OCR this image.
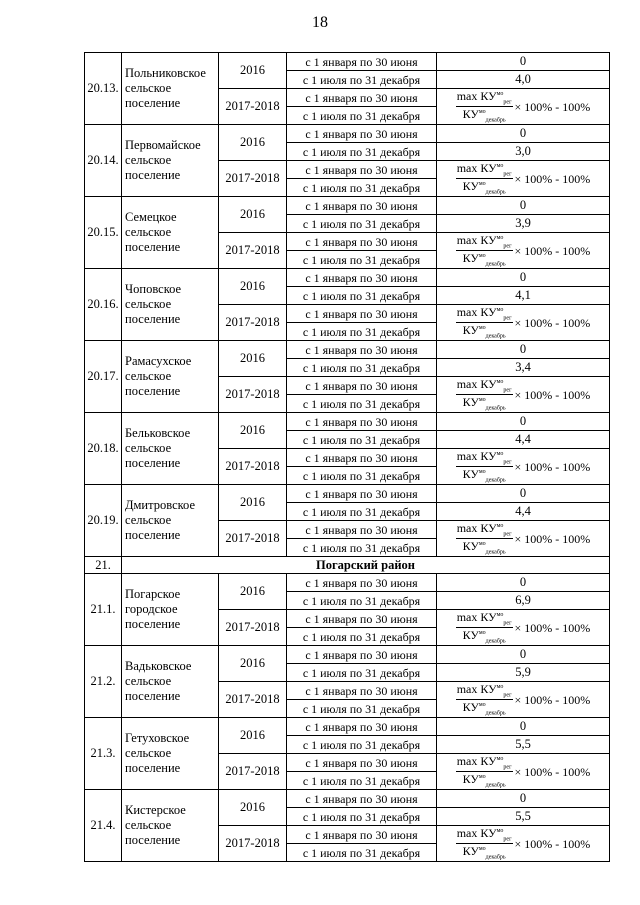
18
20.13.	Польниковское сельское поселение	2016	с 1 января по 30 июня	0
			с 1 июля по 31 декабря	4,0
		2017-2018	с 1 января по 30 июня	$\frac{\max КУ^{мо}_{рег}}{КУ^{мо}_{декабрь}} \times 100\% - 100\%$
			с 1 июля по 31 декабря	
20.14.	Первомайское сельское поселение	2016	с 1 января по 30 июня	0
			с 1 июля по 31 декабря	3,0
		2017-2018	с 1 января по 30 июня	$\frac{\max КУ^{мо}_{рег}}{КУ^{мо}_{декабрь}} \times 100\% - 100\%$
			с 1 июля по 31 декабря	
20.15.	Семецкое сельское поселение	2016	с 1 января по 30 июня	0
			с 1 июля по 31 декабря	3,9
		2017-2018	с 1 января по 30 июня	$\frac{\max КУ^{мо}_{рег}}{КУ^{мо}_{декабрь}} \times 100\% - 100\%$
			с 1 июля по 31 декабря	
20.16.	Чоповское сельское поселение	2016	с 1 января по 30 июня	0
			с 1 июля по 31 декабря	4,1
		2017-2018	с 1 января по 30 июня	$\frac{\max КУ^{мо}_{рег}}{КУ^{мо}_{декабрь}} \times 100\% - 100\%$
			с 1 июля по 31 декабря	
20.17.	Рамасухское сельское поселение	2016	с 1 января по 30 июня	0
			с 1 июля по 31 декабря	3,4
		2017-2018	с 1 января по 30 июня	$\frac{\max КУ^{мо}_{рег}}{КУ^{мо}_{декабрь}} \times 100\% - 100\%$
			с 1 июля по 31 декабря	
20.18.	Бельковское сельское поселение	2016	с 1 января по 30 июня	0
			с 1 июля по 31 декабря	4,4
		2017-2018	с 1 января по 30 июня	$\frac{\max КУ^{мо}_{рег}}{КУ^{мо}_{декабрь}} \times 100\% - 100\%$
			с 1 июля по 31 декабря	
20.19.	Дмитровское сельское поселение	2016	с 1 января по 30 июня	0
			с 1 июля по 31 декабря	4,4
		2017-2018	с 1 января по 30 июня	$\frac{\max КУ^{мо}_{рег}}{КУ^{мо}_{декабрь}} \times 100\% - 100\%$
			с 1 июля по 31 декабря	
21.	Погарский район			
21.1.	Погарское городское поселение	2016	с 1 января по 30 июня	0
			с 1 июля по 31 декабря	6,9
		2017-2018	с 1 января по 30 июня	$\frac{\max КУ^{мо}_{рег}}{КУ^{мо}_{декабрь}} \times 100\% - 100\%$
			с 1 июля по 31 декабря	
21.2.	Вадьковское сельское поселение	2016	с 1 января по 30 июня	0
			с 1 июля по 31 декабря	5,9
		2017-2018	с 1 января по 30 июня	$\frac{\max КУ^{мо}_{рег}}{КУ^{мо}_{декабрь}} \times 100\% - 100\%$
			с 1 июля по 31 декабря	
21.3.	Гетуховское сельское поселение	2016	с 1 января по 30 июня	0
			с 1 июля по 31 декабря	5,5
		2017-2018	с 1 января по 30 июня	$\frac{\max КУ^{мо}_{рег}}{КУ^{мо}_{декабрь}} \times 100\% - 100\%$
			с 1 июля по 31 декабря	
21.4.	Кистерское сельское поселение	2016	с 1 января по 30 июня	0
			с 1 июля по 31 декабря	5,5
		2017-2018	с 1 января по 30 июня	$\frac{\max КУ^{мо}_{рег}}{КУ^{мо}_{декабрь}} \times 100\% - 100\%$
			с 1 июля по 31 декабря	
